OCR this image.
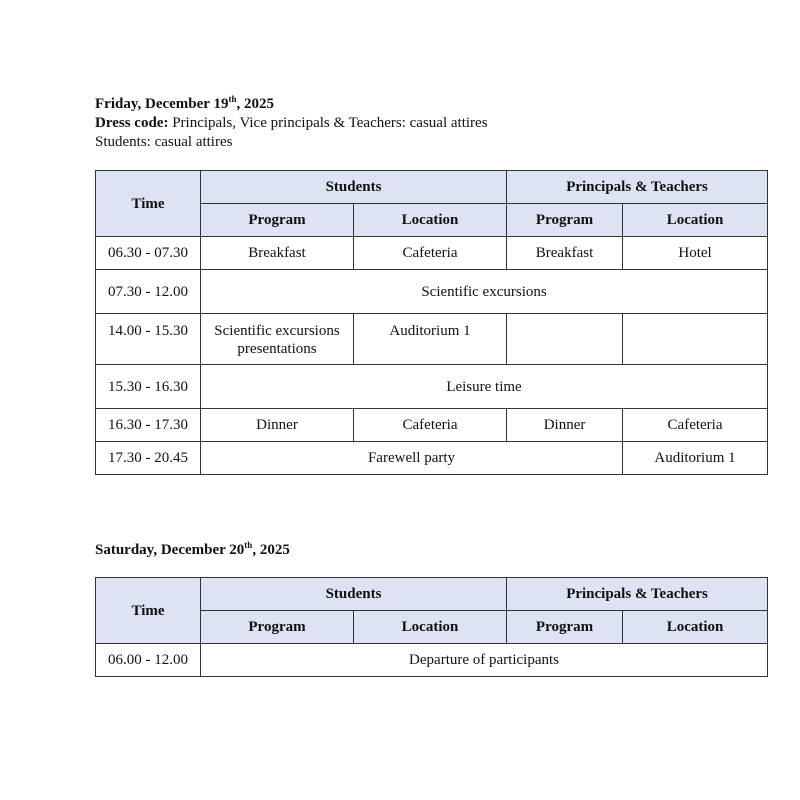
Friday, December 19th, 2025
Dress code: Principals, Vice principals & Teachers: casual attires
Students: casual attires
Time	Students		Principals & Teachers	
	Program	Location	Program	Location
06.30 - 07.30	Breakfast	Cafeteria	Breakfast	Hotel
07.30 - 12.00	Scientific excursions			
14.00 - 15.30	Scientific excursions presentations	Auditorium 1		
15.30 - 16.30	Leisure time			
16.30 - 17.30	Dinner	Cafeteria	Dinner	Cafeteria
17.30 - 20.45	Farewell party			Auditorium 1
Saturday, December 20th, 2025
Time	Students		Principals & Teachers	
	Program	Location	Program	Location
06.00 - 12.00	Departure of participants			
